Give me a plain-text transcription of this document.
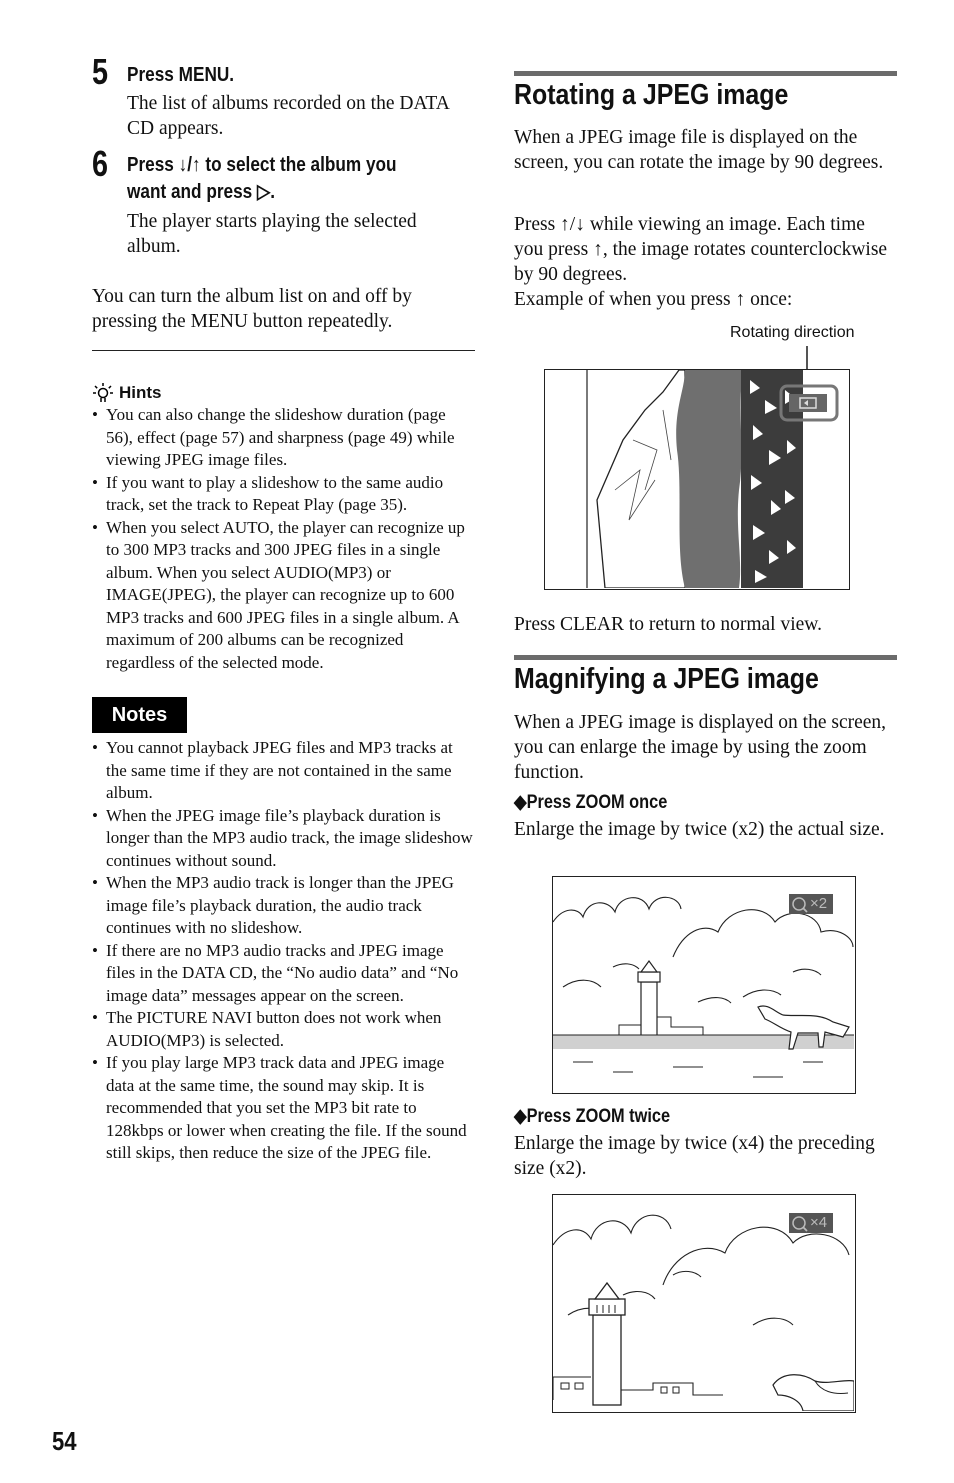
5 Press MENU.
The list of albums recorded on the DATA CD appears.
6 Press ↓/↑ to select the album you
want and press ▷.
The player starts playing the selected album.
You can turn the album list on and off by pressing the MENU button repeatedly.
Hints
• You can also change the slideshow duration (page 56), effect (page 57) and sharpness (page 49) while viewing JPEG image files.
• If you want to play a slideshow to the same audio track, set the track to Repeat Play (page 35).
• When you select AUTO, the player can recognize up to 300 MP3 tracks and 300 JPEG files in a single album. When you select AUDIO(MP3) or IMAGE(JPEG), the player can recognize up to 600 MP3 tracks and 600 JPEG files in a single album. A maximum of 200 albums can be recognized regardless of the selected mode.
Notes
• You cannot playback JPEG files and MP3 tracks at the same time if they are not contained in the same album.
• When the JPEG image file’s playback duration is longer than the MP3 audio track, the image slideshow continues without sound.
• When the MP3 audio track is longer than the JPEG image file’s playback duration, the audio track continues with no slideshow.
• If there are no MP3 audio tracks and JPEG image files in the DATA CD, the “No audio data” and “No image data” messages appear on the screen.
• The PICTURE NAVI button does not work when AUDIO(MP3) is selected.
• If you play large MP3 track data and JPEG image data at the same time, the sound may skip. It is recommended that you set the MP3 bit rate to 128kbps or lower when creating the file. If the sound still skips, then reduce the size of the JPEG file.
Rotating a JPEG image
When a JPEG image file is displayed on the screen, you can rotate the image by 90 degrees.
Press ↑/↓ while viewing an image. Each time you press ↑, the image rotates counterclockwise by 90 degrees.
Example of when you press ↑ once:
Rotating direction
Press CLEAR to return to normal view.
Magnifying a JPEG image
When a JPEG image is displayed on the screen, you can enlarge the image by using the zoom function.
◆Press ZOOM once
Enlarge the image by twice (x2) the actual size.
×2
◆Press ZOOM twice
Enlarge the image by twice (x4) the preceding size (x2).
×4
54
